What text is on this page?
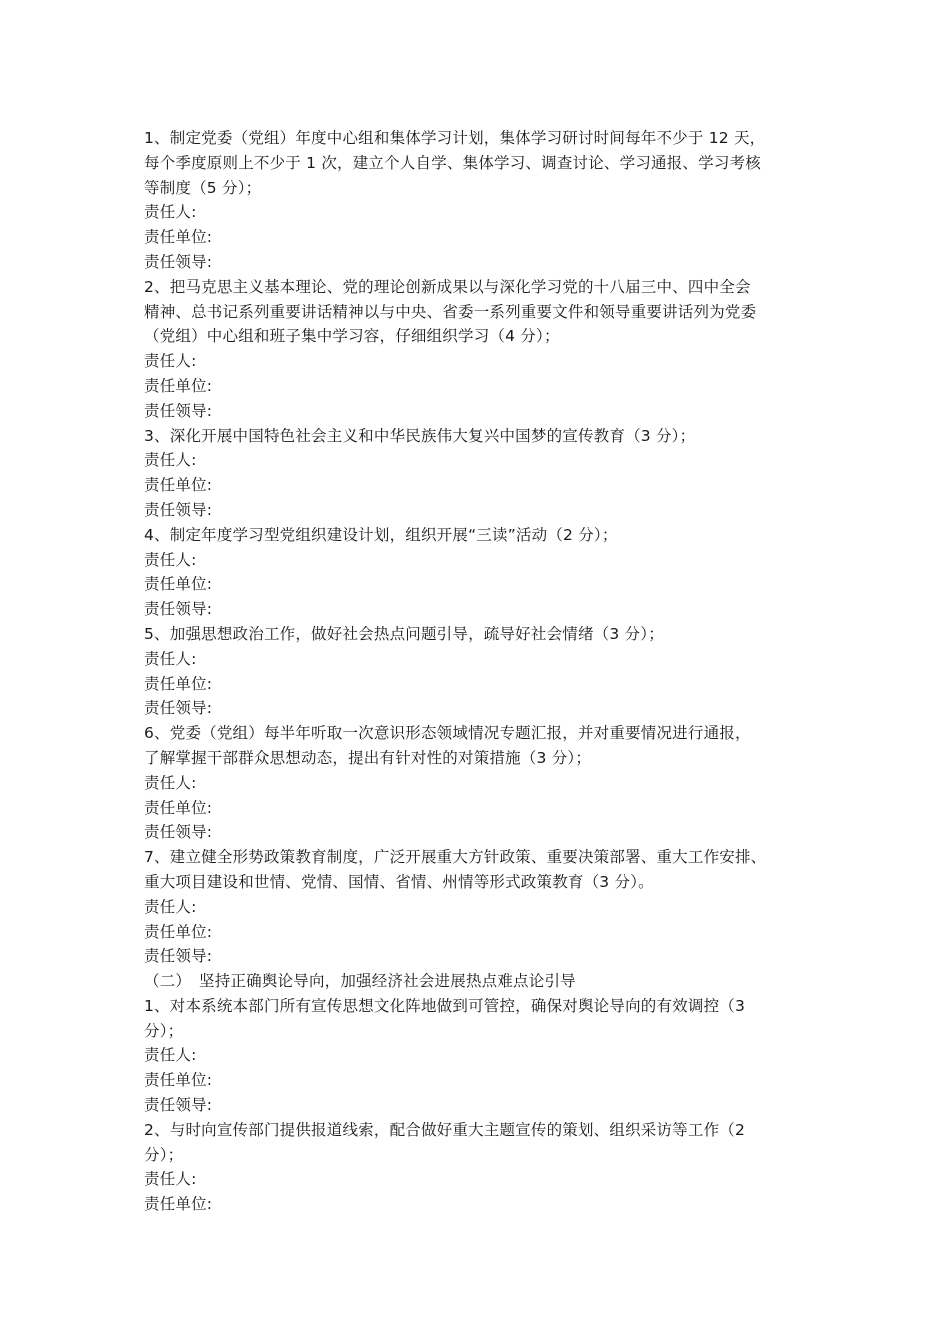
1、制定党委（党组）年度中心组和集体学习计划，集体学习研讨时间每年不少于 12 天，
每个季度原则上不少于 1 次，建立个人自学、集体学习、调查讨论、学习通报、学习考核
等制度（5 分）；
责任人:
责任单位:
责任领导:
2、把马克思主义基本理论、党的理论创新成果以与深化学习党的十八届三中、四中全会
精神、总书记系列重要讲话精神以与中央、省委一系列重要文件和领导重要讲话列为党委
（党组）中心组和班子集中学习容，仔细组织学习（4 分）；
责任人:
责任单位:
责任领导:
3、深化开展中国特色社会主义和中华民族伟大复兴中国梦的宣传教育（3 分）；
责任人:
责任单位:
责任领导:
4、制定年度学习型党组织建设计划，组织开展“三读”活动（2 分）；
责任人:
责任单位:
责任领导:
5、加强思想政治工作，做好社会热点问题引导，疏导好社会情绪（3 分）；
责任人:
责任单位:
责任领导:
6、党委（党组）每半年听取一次意识形态领域情况专题汇报，并对重要情况进行通报，
了解掌握干部群众思想动态，提出有针对性的对策措施（3 分）；
责任人:
责任单位:
责任领导:
7、建立健全形势政策教育制度，广泛开展重大方针政策、重要决策部署、重大工作安排、
重大项目建设和世情、党情、国情、省情、州情等形式政策教育（3 分）。
责任人:
责任单位:
责任领导:
（二）　坚持正确舆论导向，加强经济社会进展热点难点论引导
1、对本系统本部门所有宣传思想文化阵地做到可管控，确保对舆论导向的有效调控（3
分）；
责任人:
责任单位:
责任领导:
2、与时向宣传部门提供报道线索，配合做好重大主题宣传的策划、组织采访等工作（2
分）；
责任人:
责任单位:
